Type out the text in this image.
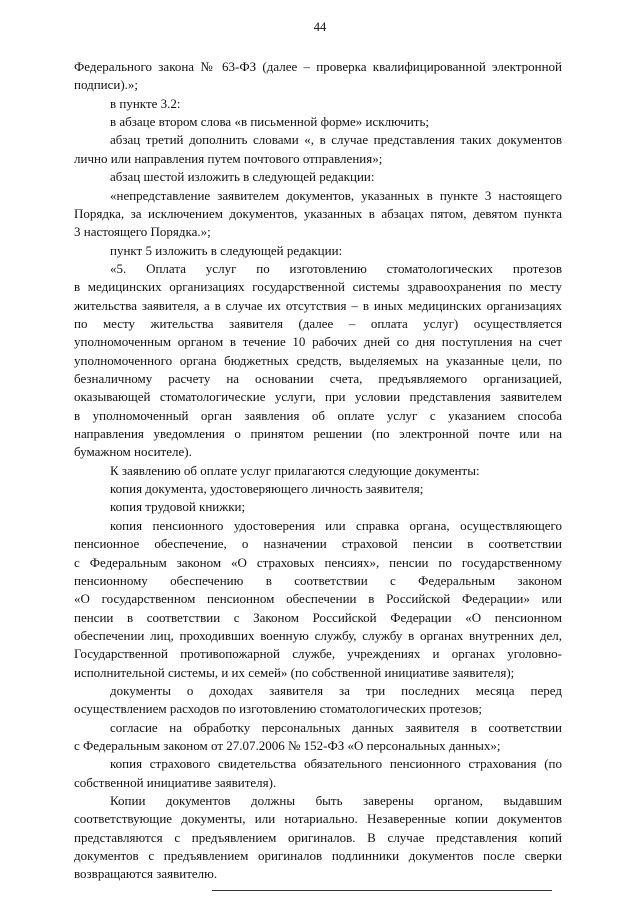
44
Федерального закона № 63-ФЗ (далее – проверка квалифицированной электронной
подписи).»;
в пункте 3.2:
в абзаце втором слова «в письменной форме» исключить;
абзац третий дополнить словами «, в случае представления таких документов
лично или направления путем почтового отправления»;
абзац шестой изложить в следующей редакции:
«непредставление заявителем документов, указанных в пункте 3 настоящего
Порядка, за исключением документов, указанных в абзацах пятом, девятом пункта
3 настоящего Порядка.»;
пункт 5 изложить в следующей редакции:
«5. Оплата услуг по изготовлению стоматологических протезов
в медицинских организациях государственной системы здравоохранения по месту
жительства заявителя, а в случае их отсутствия – в иных медицинских организациях
по месту жительства заявителя (далее – оплата услуг) осуществляется
уполномоченным органом в течение 10 рабочих дней со дня поступления на счет
уполномоченного органа бюджетных средств, выделяемых на указанные цели, по
безналичному расчету на основании счета, предъявляемого организацией,
оказывающей стоматологические услуги, при условии представления заявителем
в уполномоченный орган заявления об оплате услуг с указанием способа
направления уведомления о принятом решении (по электронной почте или на
бумажном носителе).
К заявлению об оплате услуг прилагаются следующие документы:
копия документа, удостоверяющего личность заявителя;
копия трудовой книжки;
копия пенсионного удостоверения или справка органа, осуществляющего
пенсионное обеспечение, о назначении страховой пенсии в соответствии
с Федеральным законом «О страховых пенсиях», пенсии по государственному
пенсионному обеспечению в соответствии с Федеральным законом
«О государственном пенсионном обеспечении в Российской Федерации» или
пенсии в соответствии с Законом Российской Федерации «О пенсионном
обеспечении лиц, проходивших военную службу, службу в органах внутренних дел,
Государственной противопожарной службе, учреждениях и органах уголовно-
исполнительной системы, и их семей» (по собственной инициативе заявителя);
документы о доходах заявителя за три последних месяца перед
осуществлением расходов по изготовлению стоматологических протезов;
согласие на обработку персональных данных заявителя в соответствии
с Федеральным законом от 27.07.2006 № 152-ФЗ «О персональных данных»;
копия страхового свидетельства обязательного пенсионного страхования (по
собственной инициативе заявителя).
Копии документов должны быть заверены органом, выдавшим
соответствующие документы, или нотариально. Незаверенные копии документов
представляются с предъявлением оригиналов. В случае представления копий
документов с предъявлением оригиналов подлинники документов после сверки
возвращаются заявителю.
